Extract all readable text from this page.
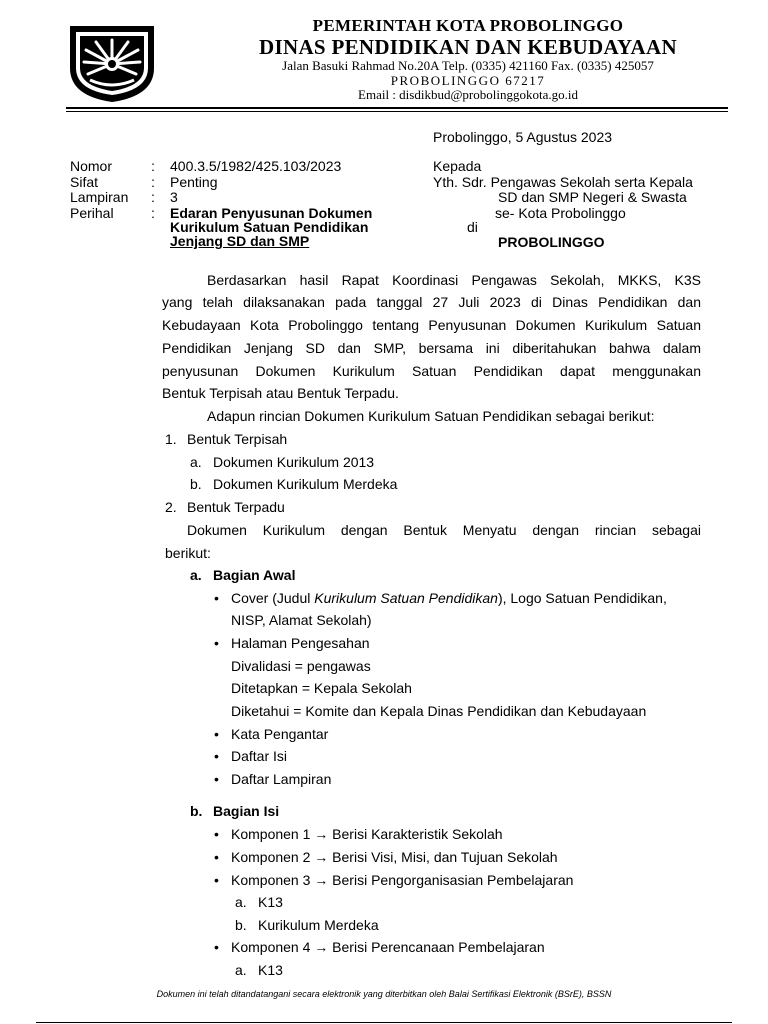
PEMERINTAH KOTA PROBOLINGGO
DINAS PENDIDIKAN DAN KEBUDAYAAN
Jalan Basuki Rahmad No.20A Telp. (0335) 421160 Fax. (0335) 425057
PROBOLINGGO 67217
Email : disdikbud@probolinggokota.go.id
Probolinggo, 5 Agustus 2023
Nomor	: 400.3.5/1982/425.103/2023
Sifat	: Penting
Lampiran : 3
Perihal	: Edaran Penyusunan Dokumen
Kurikulum Satuan Pendidikan
Jenjang SD dan SMP
Kepada
Yth. Sdr. Pengawas Sekolah serta Kepala
SD dan SMP Negeri & Swasta
se- Kota Probolinggo
di
PROBOLINGGO
Berdasarkan hasil Rapat Koordinasi Pengawas Sekolah, MKKS, K3S
yang telah dilaksanakan pada tanggal 27 Juli 2023 di Dinas Pendidikan dan
Kebudayaan Kota Probolinggo tentang Penyusunan Dokumen Kurikulum Satuan
Pendidikan Jenjang SD dan SMP, bersama ini diberitahukan bahwa dalam
penyusunan Dokumen Kurikulum Satuan Pendidikan dapat menggunakan
Bentuk Terpisah atau Bentuk Terpadu.
Adapun rincian Dokumen Kurikulum Satuan Pendidikan sebagai berikut:
1. Bentuk Terpisah
a. Dokumen Kurikulum 2013
b. Dokumen Kurikulum Merdeka
2. Bentuk Terpadu
Dokumen Kurikulum dengan Bentuk Menyatu dengan rincian sebagai
berikut:
a. Bagian Awal
• Cover (Judul Kurikulum Satuan Pendidikan), Logo Satuan Pendidikan,
NISP, Alamat Sekolah)
• Halaman Pengesahan
Divalidasi = pengawas
Ditetapkan = Kepala Sekolah
Diketahui = Komite dan Kepala Dinas Pendidikan dan Kebudayaan
• Kata Pengantar
• Daftar Isi
• Daftar Lampiran
b. Bagian Isi
• Komponen 1 → Berisi Karakteristik Sekolah
• Komponen 2 → Berisi Visi, Misi, dan Tujuan Sekolah
• Komponen 3 → Berisi Pengorganisasian Pembelajaran
a. K13
b. Kurikulum Merdeka
• Komponen 4 → Berisi Perencanaan Pembelajaran
a. K13
Dokumen ini telah ditandatangani secara elektronik yang diterbitkan oleh Balai Sertifikasi Elektronik (BSrE), BSSN
